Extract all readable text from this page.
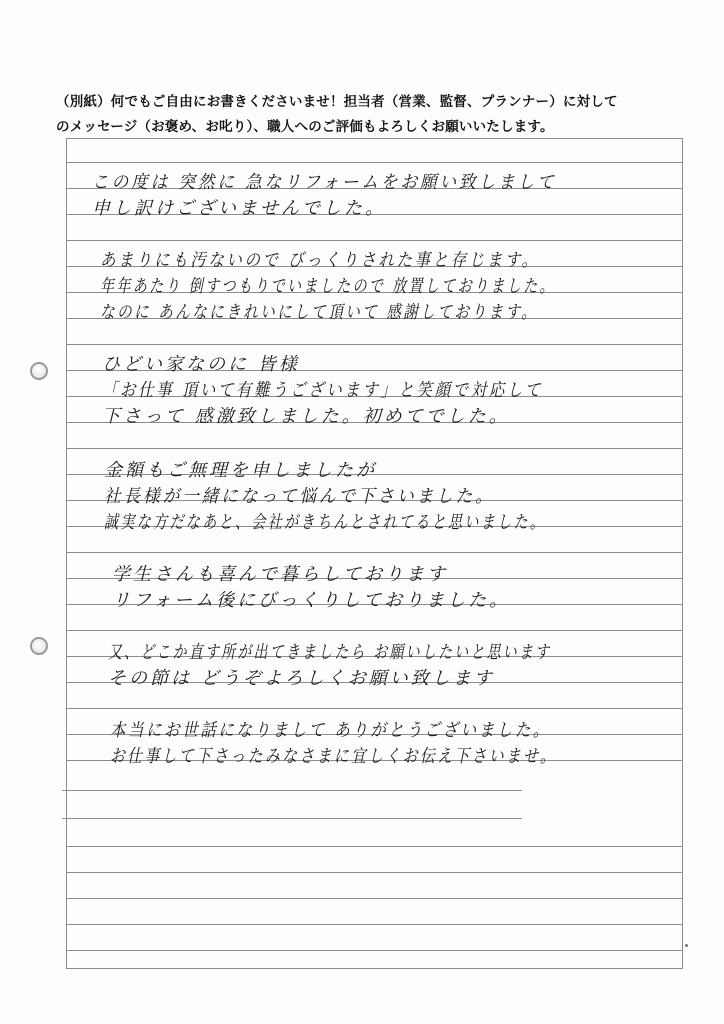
（別紙）何でもご自由にお書きくださいませ！担当者（営業、監督、プランナー）に対して
のメッセージ（お褒め、お叱り）、職人へのご評価もよろしくお願いいたします。
この度は 突然に 急なリフォームをお願い致しまして
申し訳けございませんでした。
あまりにも汚ないので びっくりされた事と存じます。
年年あたり 倒すつもりでいましたので 放置しておりました。
なのに あんなにきれいにして頂いて 感謝しております。
ひどい家なのに 皆様
「お仕事 頂いて有難うございます」と笑顔で対応して
下さって 感激致しました。初めてでした。
金額もご無理を申しましたが
社長様が一緒になって悩んで下さいました。
誠実な方だなあと、会社がきちんとされてると思いました。
学生さんも喜んで暮らしております
リフォーム後にびっくりしておりました。
又、どこか直す所が出てきましたら お願いしたいと思います
その節は どうぞよろしくお願い致します
本当にお世話になりまして ありがとうございました。
お仕事して下さったみなさまに宜しくお伝え下さいませ。
